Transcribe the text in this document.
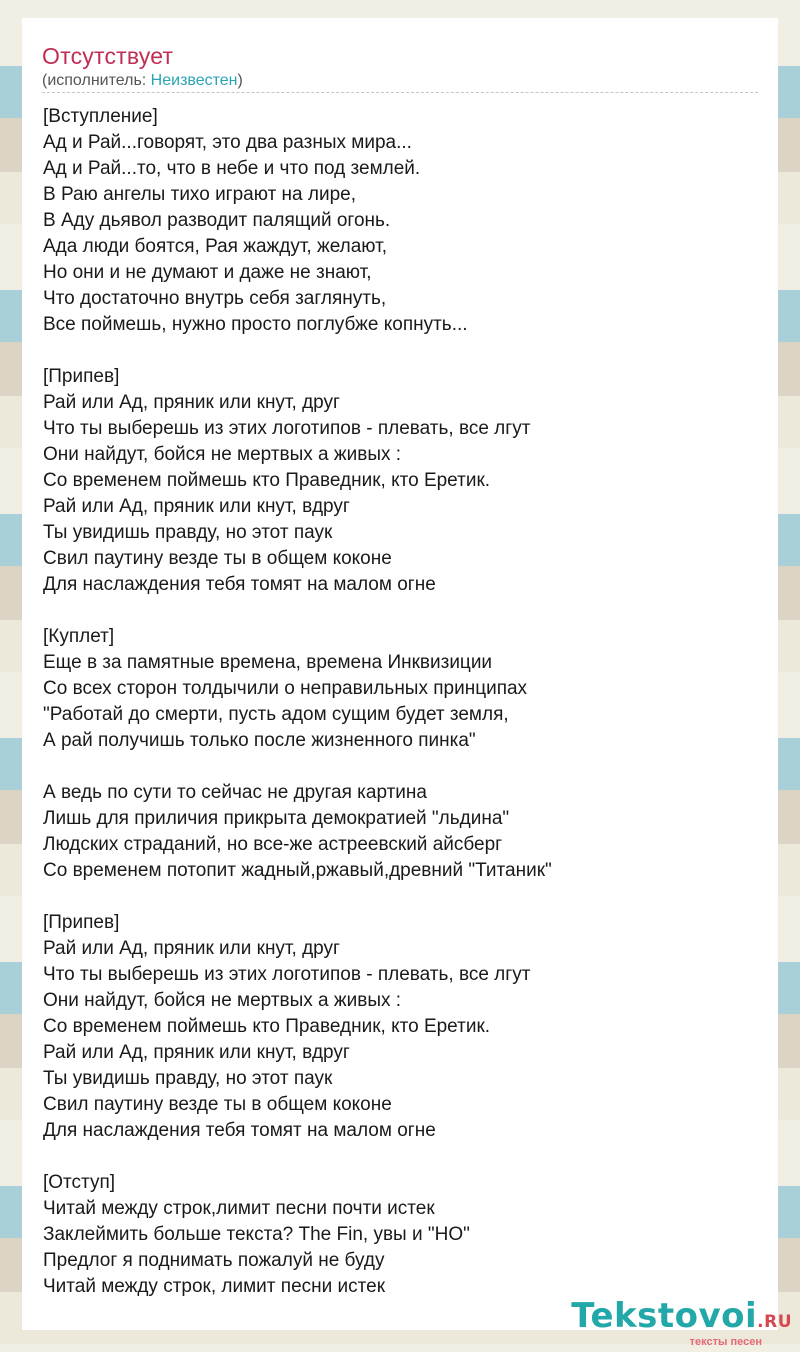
Отсутствует
(исполнитель: Неизвестен)
[Вступление]
Ад и Рай...говорят, это два разных мира...
Ад и Рай...то, что в небе и что под землей.
В Раю ангелы тихо играют на лире,
В Аду дьявол разводит палящий огонь.
Ада люди боятся, Рая жаждут, желают,
Но они и не думают и даже не знают,
Что достаточно внутрь себя заглянуть,
Все поймешь, нужно просто поглубже копнуть...
[Припев]
Рай или Ад, пряник или кнут, друг
Что ты выберешь из этих логотипов - плевать, все лгут
Они найдут, бойся не мертвых а живых :
Со временем поймешь кто Праведник, кто Еретик.
Рай или Ад, пряник или кнут, вдруг
Ты увидишь правду, но этот паук
Свил паутину везде ты в общем коконе
Для наслаждения тебя томят на малом огне
[Куплет]
Еще в за памятные времена, времена Инквизиции
Со всех сторон толдычили о неправильных принципах
"Работай до смерти, пусть адом сущим будет земля,
А рай получишь только после жизненного пинка"
А ведь по сути то сейчас не другая картина
Лишь для приличия прикрыта демократией "льдина"
Людских страданий, но все-же астреевский айсберг
Со временем потопит жадный,ржавый,древний "Титаник"
[Припев]
Рай или Ад, пряник или кнут, друг
Что ты выберешь из этих логотипов - плевать, все лгут
Они найдут, бойся не мертвых а живых :
Со временем поймешь кто Праведник, кто Еретик.
Рай или Ад, пряник или кнут, вдруг
Ты увидишь правду, но этот паук
Свил паутину везде ты в общем коконе
Для наслаждения тебя томят на малом огне
[Отступ]
Читай между строк,лимит песни почти истек
Заклеймить больше текста? The Fin, увы и "НО"
Предлог я поднимать пожалуй не буду
Читай между строк, лимит песни истек
Tekstovoi.RU
тексты песен
